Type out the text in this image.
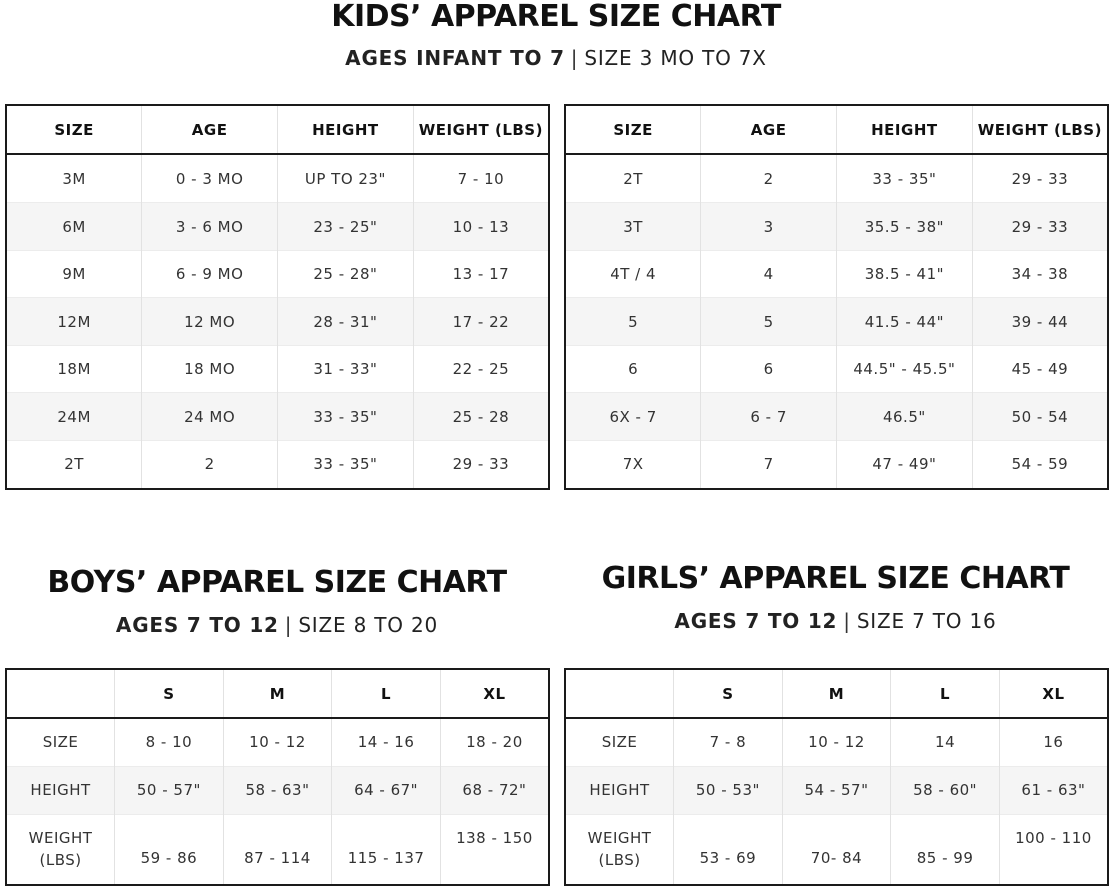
KIDS’ APPAREL SIZE CHART
AGES INFANT TO 7 | SIZE 3 MO TO 7X
SIZE	AGE	HEIGHT	WEIGHT (LBS)
3M	0 - 3 MO	UP TO 23"	7 - 10
6M	3 - 6 MO	23 - 25"	10 - 13
9M	6 - 9 MO	25 - 28"	13 - 17
12M	12 MO	28 - 31"	17 - 22
18M	18 MO	31 - 33"	22 - 25
24M	24 MO	33 - 35"	25 - 28
2T	2	33 - 35"	29 - 33
SIZE	AGE	HEIGHT	WEIGHT (LBS)
2T	2	33 - 35"	29 - 33
3T	3	35.5 - 38"	29 - 33
4T / 4	4	38.5 - 41"	34 - 38
5	5	41.5 - 44"	39 - 44
6	6	44.5" - 45.5"	45 - 49
6X - 7	6 - 7	46.5"	50 - 54
7X	7	47 - 49"	54 - 59
BOYS’ APPAREL SIZE CHART
AGES 7 TO 12 | SIZE 8 TO 20
	S	M	L	XL
SIZE	8 - 10	10 - 12	14 - 16	18 - 20
HEIGHT	50 - 57"	58 - 63"	64 - 67"	68 - 72"
WEIGHT
(LBS)	59 - 86	87 - 114	115 - 137	138 - 150
GIRLS’ APPAREL SIZE CHART
AGES 7 TO 12 | SIZE 7 TO 16
	S	M	L	XL
SIZE	7 - 8	10 - 12	14	16
HEIGHT	50 - 53"	54 - 57"	58 - 60"	61 - 63"
WEIGHT
(LBS)	53 - 69	70- 84	85 - 99	100 - 110
